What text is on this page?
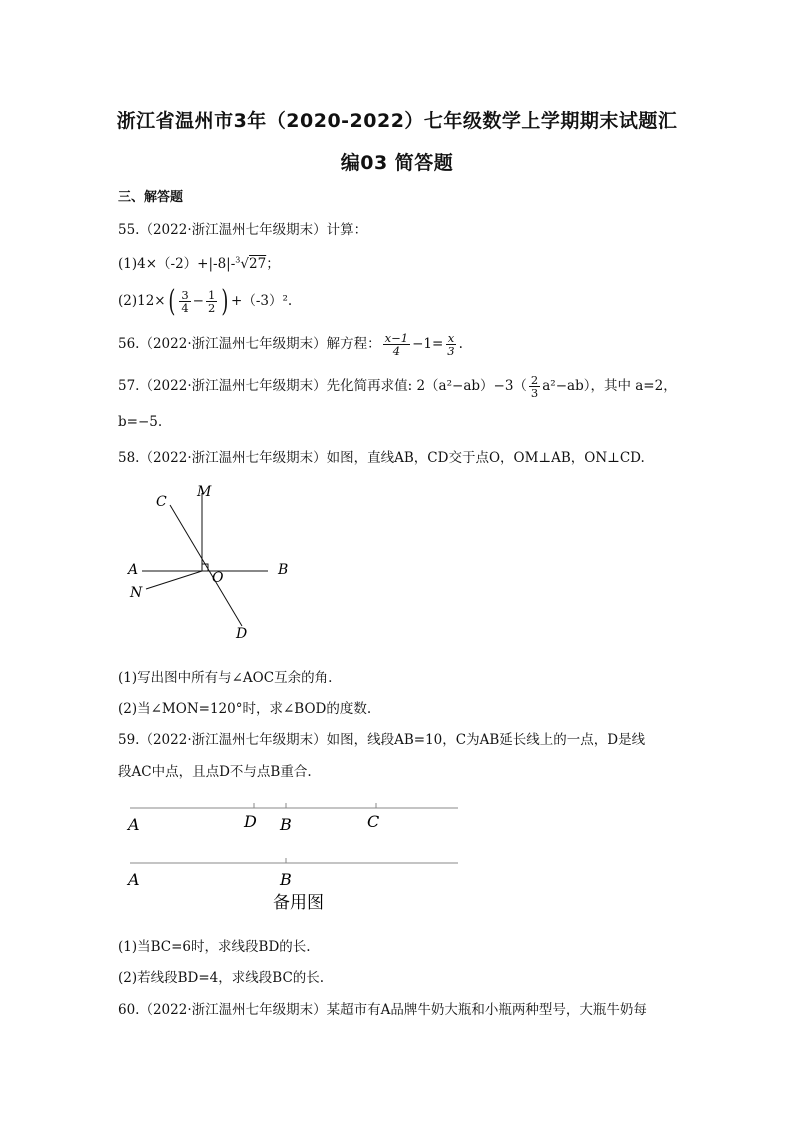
浙江省温州市3年（2020-2022）七年级数学上学期期末试题汇
编03 简答题
三、解答题
55.（2022·浙江温州七年级期末）计算：
(1)4×（-2）+|-8|-$^3$√27；
$(2)12\times( \frac{3}{4} - \frac{1}{2}$ ) +（-3）².
56.（2022·浙江温州七年级期末）解方程： $\frac{x-1}{4} -1= \frac{x}{3}$ .
57.（2022·浙江温州七年级期末）先化简再求值: $2(a^2-ab)-3( \frac{2}{3} a^2-ab)$，其中 a=2，
b=−5.
58.（2022·浙江温州七年级期末）如图，直线AB，CD交于点O，OM⊥AB，ON⊥CD.
C
M
A
N
O	B
D
(1)写出图中所有与∠AOC互余的角.
(2)当∠MON=120°时，求∠BOD的度数.
59.（2022·浙江温州七年级期末）如图，线段AB=10，C为AB延长线上的一点，D是线
段AC中点，且点D不与点B重合.
A	D B	C
A	B
备用图
(1)当BC=6时，求线段BD的长.
(2)若线段BD=4，求线段BC的长.
60.（2022·浙江温州七年级期末）某超市有A品牌牛奶大瓶和小瓶两种型号，大瓶牛奶每
